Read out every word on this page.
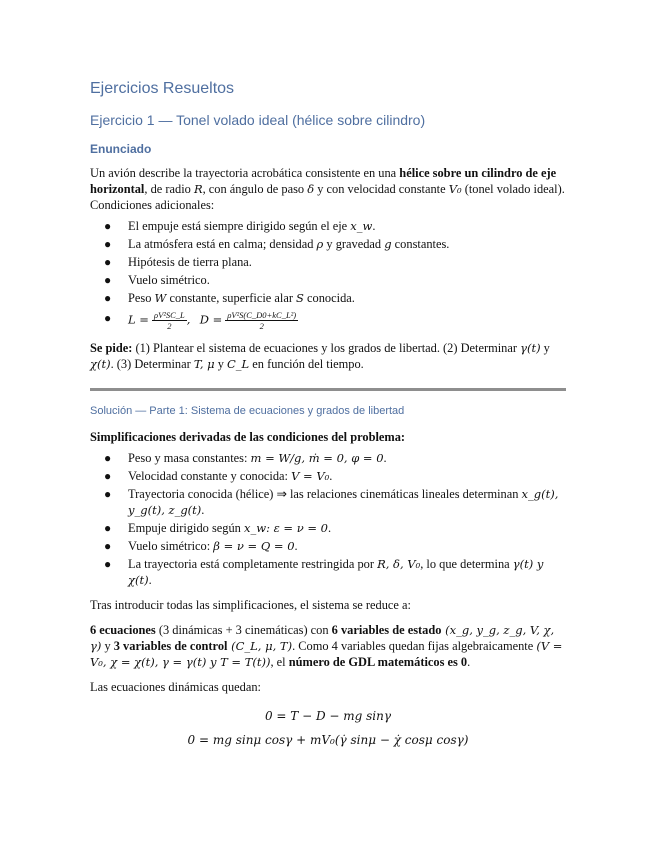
Ejercicios Resueltos
Ejercicio 1 — Tonel volado ideal (hélice sobre cilindro)
Enunciado

Un avión describe la trayectoria acrobática consistente en una hélice sobre un cilindro de eje horizontal, de radio R, con ángulo de paso δ y con velocidad constante V₀ (tonel volado ideal). Condiciones adicionales:

● El empuje está siempre dirigido según el eje x_w.
● La atmósfera está en calma; densidad ρ y gravedad g constantes.
● Hipótesis de tierra plana.
● Vuelo simétrico.
● Peso W constante, superficie alar S conocida.
● $L = \frac{\text{ρV²SC\_L}}{2}$ , $D = \frac{\text{ρV²S(C\_D0+kC\_L²)}}{2}$

Se pide: (1) Plantear el sistema de ecuaciones y los grados de libertad. (2) Determinar γ(t) y χ(t). (3) Determinar T, μ y C_L en función del tiempo.

Solución — Parte 1: Sistema de ecuaciones y grados de libertad

Simplificaciones derivadas de las condiciones del problema:

● Peso y masa constantes: m = W/g, ṁ = 0, φ = 0.
● Velocidad constante y conocida: V = V₀.
● Trayectoria conocida (hélice) ⇒ las relaciones cinemáticas lineales determinan x_g(t), y_g(t), z_g(t).
● Empuje dirigido según x_w: ε = ν = 0.
● Vuelo simétrico: β = ν = Q = 0.
● La trayectoria está completamente restringida por R, δ, V₀, lo que determina γ(t) y χ(t).

Tras introducir todas las simplificaciones, el sistema se reduce a:

6 ecuaciones (3 dinámicas + 3 cinemáticas) con 6 variables de estado (x_g, y_g, z_g, V, χ, γ) y 3 variables de control (C_L, μ, T). Como 4 variables quedan fijas algebraicamente (V = V₀, χ = χ(t), γ = γ(t) y T = T(t)), el número de GDL matemáticos es 0.

Las ecuaciones dinámicas quedan:

0 = T − D − mg sinγ
0 = mg sinμ cosγ + mV₀(γ̇ sinμ − χ̇ cosμ cosγ)
